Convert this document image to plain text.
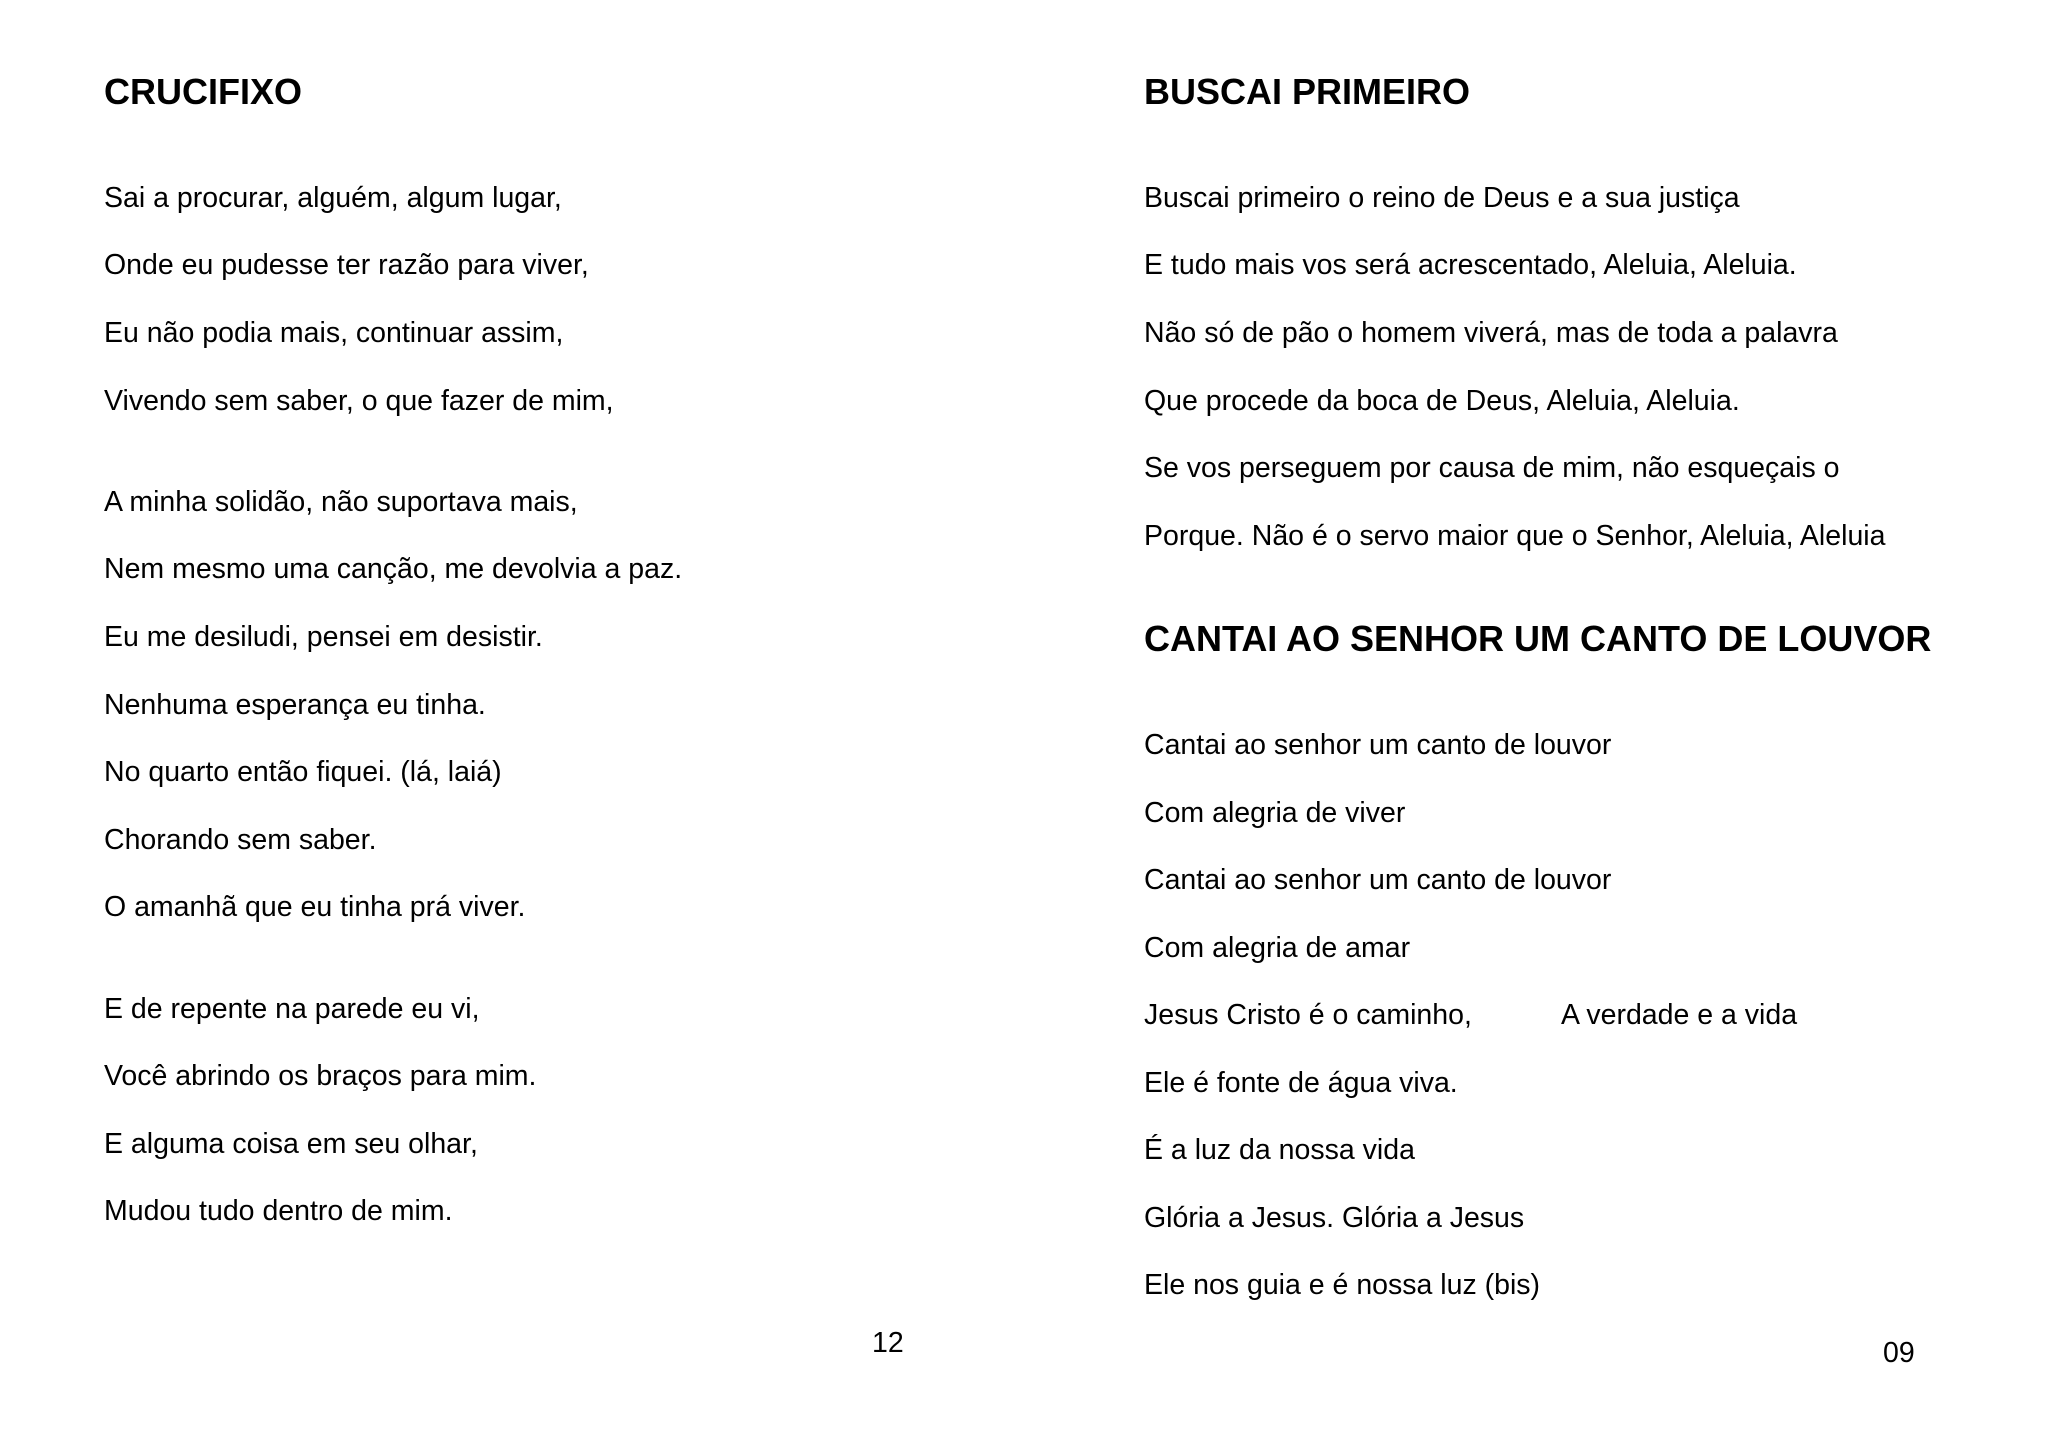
CRUCIFIXO

Sai a procurar, alguém, algum lugar,

Onde eu pudesse ter razão para viver,

Eu não podia mais, continuar assim,

Vivendo sem saber, o que fazer de mim,

A minha solidão, não suportava mais,

Nem mesmo uma canção, me devolvia a paz.

Eu me desiludi, pensei em desistir.

Nenhuma esperança eu tinha.

No quarto então fiquei. (lá, laiá)

Chorando sem saber.

O amanhã que eu tinha prá viver.

E de repente na parede eu vi,

Você abrindo os braços para mim.

E alguma coisa em seu olhar,

Mudou tudo dentro de mim.

12

BUSCAI PRIMEIRO

Buscai primeiro o reino de Deus e a sua justiça

E tudo mais vos será acrescentado, Aleluia, Aleluia.

Não só de pão o homem viverá, mas de toda a palavra

Que procede da boca de Deus, Aleluia, Aleluia.

Se vos perseguem por causa de mim, não esqueçais o

Porque. Não é o servo maior que o Senhor, Aleluia, Aleluia

CANTAI AO SENHOR UM CANTO DE LOUVOR

Cantai ao senhor um canto de louvor

Com alegria de viver

Cantai ao senhor um canto de louvor

Com alegria de amar

Jesus Cristo é o caminho,	A verdade e a vida

Ele é fonte de água viva.

É a luz da nossa vida

Glória a Jesus. Glória a Jesus

Ele nos guia e é nossa luz (bis)

09
